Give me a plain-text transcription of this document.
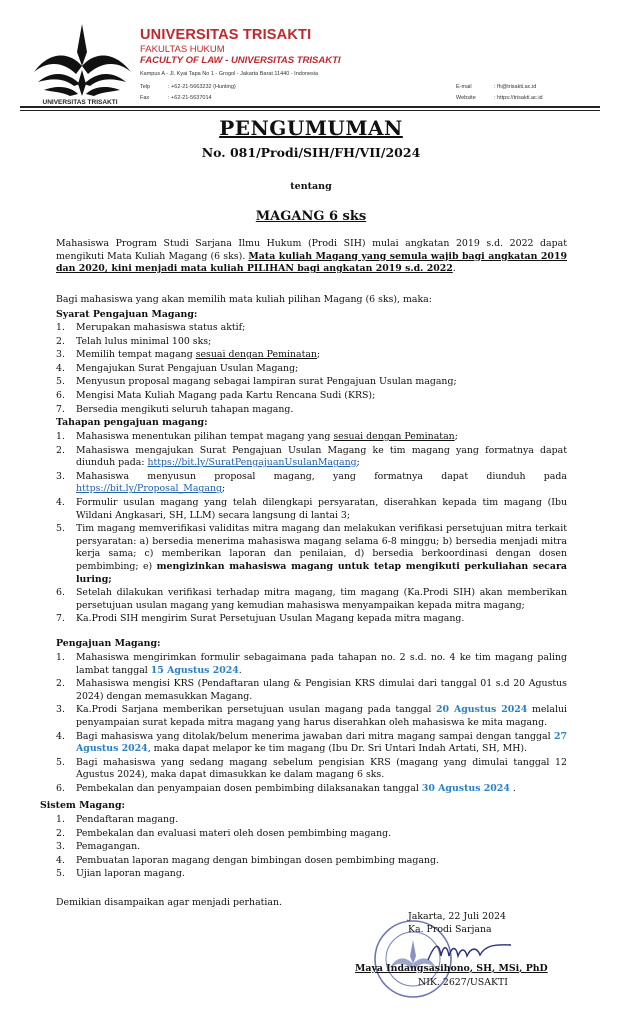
UNIVERSITAS TRISAKTI
UNIVERSITAS TRISAKTI
FAKULTAS HUKUM
FACULTY OF LAW - UNIVERSITAS TRISAKTI
Kampus A - Jl. Kyai Tapa No 1 - Grogol - Jakarta Barat 11440 - Indonesia
Telp	: +62-21-5663232 (Hunting)
Fax	: +62-21-5637014
E-mail	: fh@trisakti.ac.id
Website	: https://trisakti.ac.id
PENGUMUMAN
No. 081/Prodi/SIH/FH/VII/2024
tentang
MAGANG 6 sks
Mahasiswa Program Studi Sarjana Ilmu Hukum (Prodi SIH) mulai angkatan 2019 s.d. 2022 dapat mengikuti Mata Kuliah Magang (6 sks). Mata kuliah Magang yang semula wajib bagi angkatan 2019 dan 2020, kini menjadi mata kuliah PILIHAN bagi angkatan 2019 s.d. 2022.
Bagi mahasiswa yang akan memilih mata kuliah pilihan Magang (6 sks), maka:
Syarat Pengajuan Magang:
1. Merupakan mahasiswa status aktif;
2. Telah lulus minimal 100 sks;
3. Memilih tempat magang sesuai dengan Peminatan;
4. Mengajukan Surat Pengajuan Usulan Magang;
5. Menyusun proposal magang sebagai lampiran surat Pengajuan Usulan magang;
6. Mengisi Mata Kuliah Magang pada Kartu Rencana Sudi (KRS);
7. Bersedia mengikuti seluruh tahapan magang.
Tahapan pengajuan magang:
1. Mahasiswa menentukan pilihan tempat magang yang sesuai dengan Peminatan;
2. Mahasiswa mengajukan Surat Pengajuan Usulan Magang ke tim magang yang formatnya dapat diunduh pada: https://bit.ly/SuratPengajuanUsulanMagang;
3. Mahasiswa menyusun proposal magang, yang formatnya dapat diunduh pada https://bit.ly/Proposal_Magang;
4. Formulir usulan magang yang telah dilengkapi persyaratan, diserahkan kepada tim magang (Ibu Wildani Angkasari, SH, LLM) secara langsung di lantai 3;
5. Tim magang memverifikasi validitas mitra magang dan melakukan verifikasi persetujuan mitra terkait persyaratan: a) bersedia menerima mahasiswa magang selama 6-8 minggu; b) bersedia menjadi mitra kerja sama; c) memberikan laporan dan penilaian, d) bersedia berkoordinasi dengan dosen pembimbing; e) mengizinkan mahasiswa magang untuk tetap mengikuti perkuliahan secara luring;
6. Setelah dilakukan verifikasi terhadap mitra magang, tim magang (Ka.Prodi SIH) akan memberikan persetujuan usulan magang yang kemudian mahasiswa menyampaikan kepada mitra magang;
7. Ka.Prodi SIH mengirim Surat Persetujuan Usulan Magang kepada mitra magang.
Pengajuan Magang:
1. Mahasiswa mengirimkan formulir sebagaimana pada tahapan no. 2 s.d. no. 4 ke tim magang paling lambat tanggal 15 Agustus 2024.
2. Mahasiswa mengisi KRS (Pendaftaran ulang & Pengisian KRS dimulai dari tanggal 01 s.d 20 Agustus 2024) dengan memasukkan Magang.
3. Ka.Prodi Sarjana memberikan persetujuan usulan magang pada tanggal 20 Agustus 2024 melalui penyampaian surat kepada mitra magang yang harus diserahkan oleh mahasiswa ke mita magang.
4. Bagi mahasiswa yang ditolak/belum menerima jawaban dari mitra magang sampai dengan tanggal 27 Agustus 2024, maka dapat melapor ke tim magang (Ibu Dr. Sri Untari Indah Artati, SH, MH).
5. Bagi mahasiswa yang sedang magang sebelum pengisian KRS (magang yang dimulai tanggal 12 Agustus 2024), maka dapat dimasukkan ke dalam magang 6 sks.
6. Pembekalan dan penyampaian dosen pembimbing dilaksanakan tanggal 30 Agustus 2024 .
Sistem Magang:
1. Pendaftaran magang.
2. Pembekalan dan evaluasi materi oleh dosen pembimbing magang.
3. Pemagangan.
4. Pembuatan laporan magang dengan bimbingan dosen pembimbing magang.
5. Ujian laporan magang.
Demikian disampaikan agar menjadi perhatian.
Jakarta, 22 Juli 2024
Ka. Prodi Sarjana
Maya Indangsasihono, SH, MSi, PhD
NIK. 2627/USAKTI
